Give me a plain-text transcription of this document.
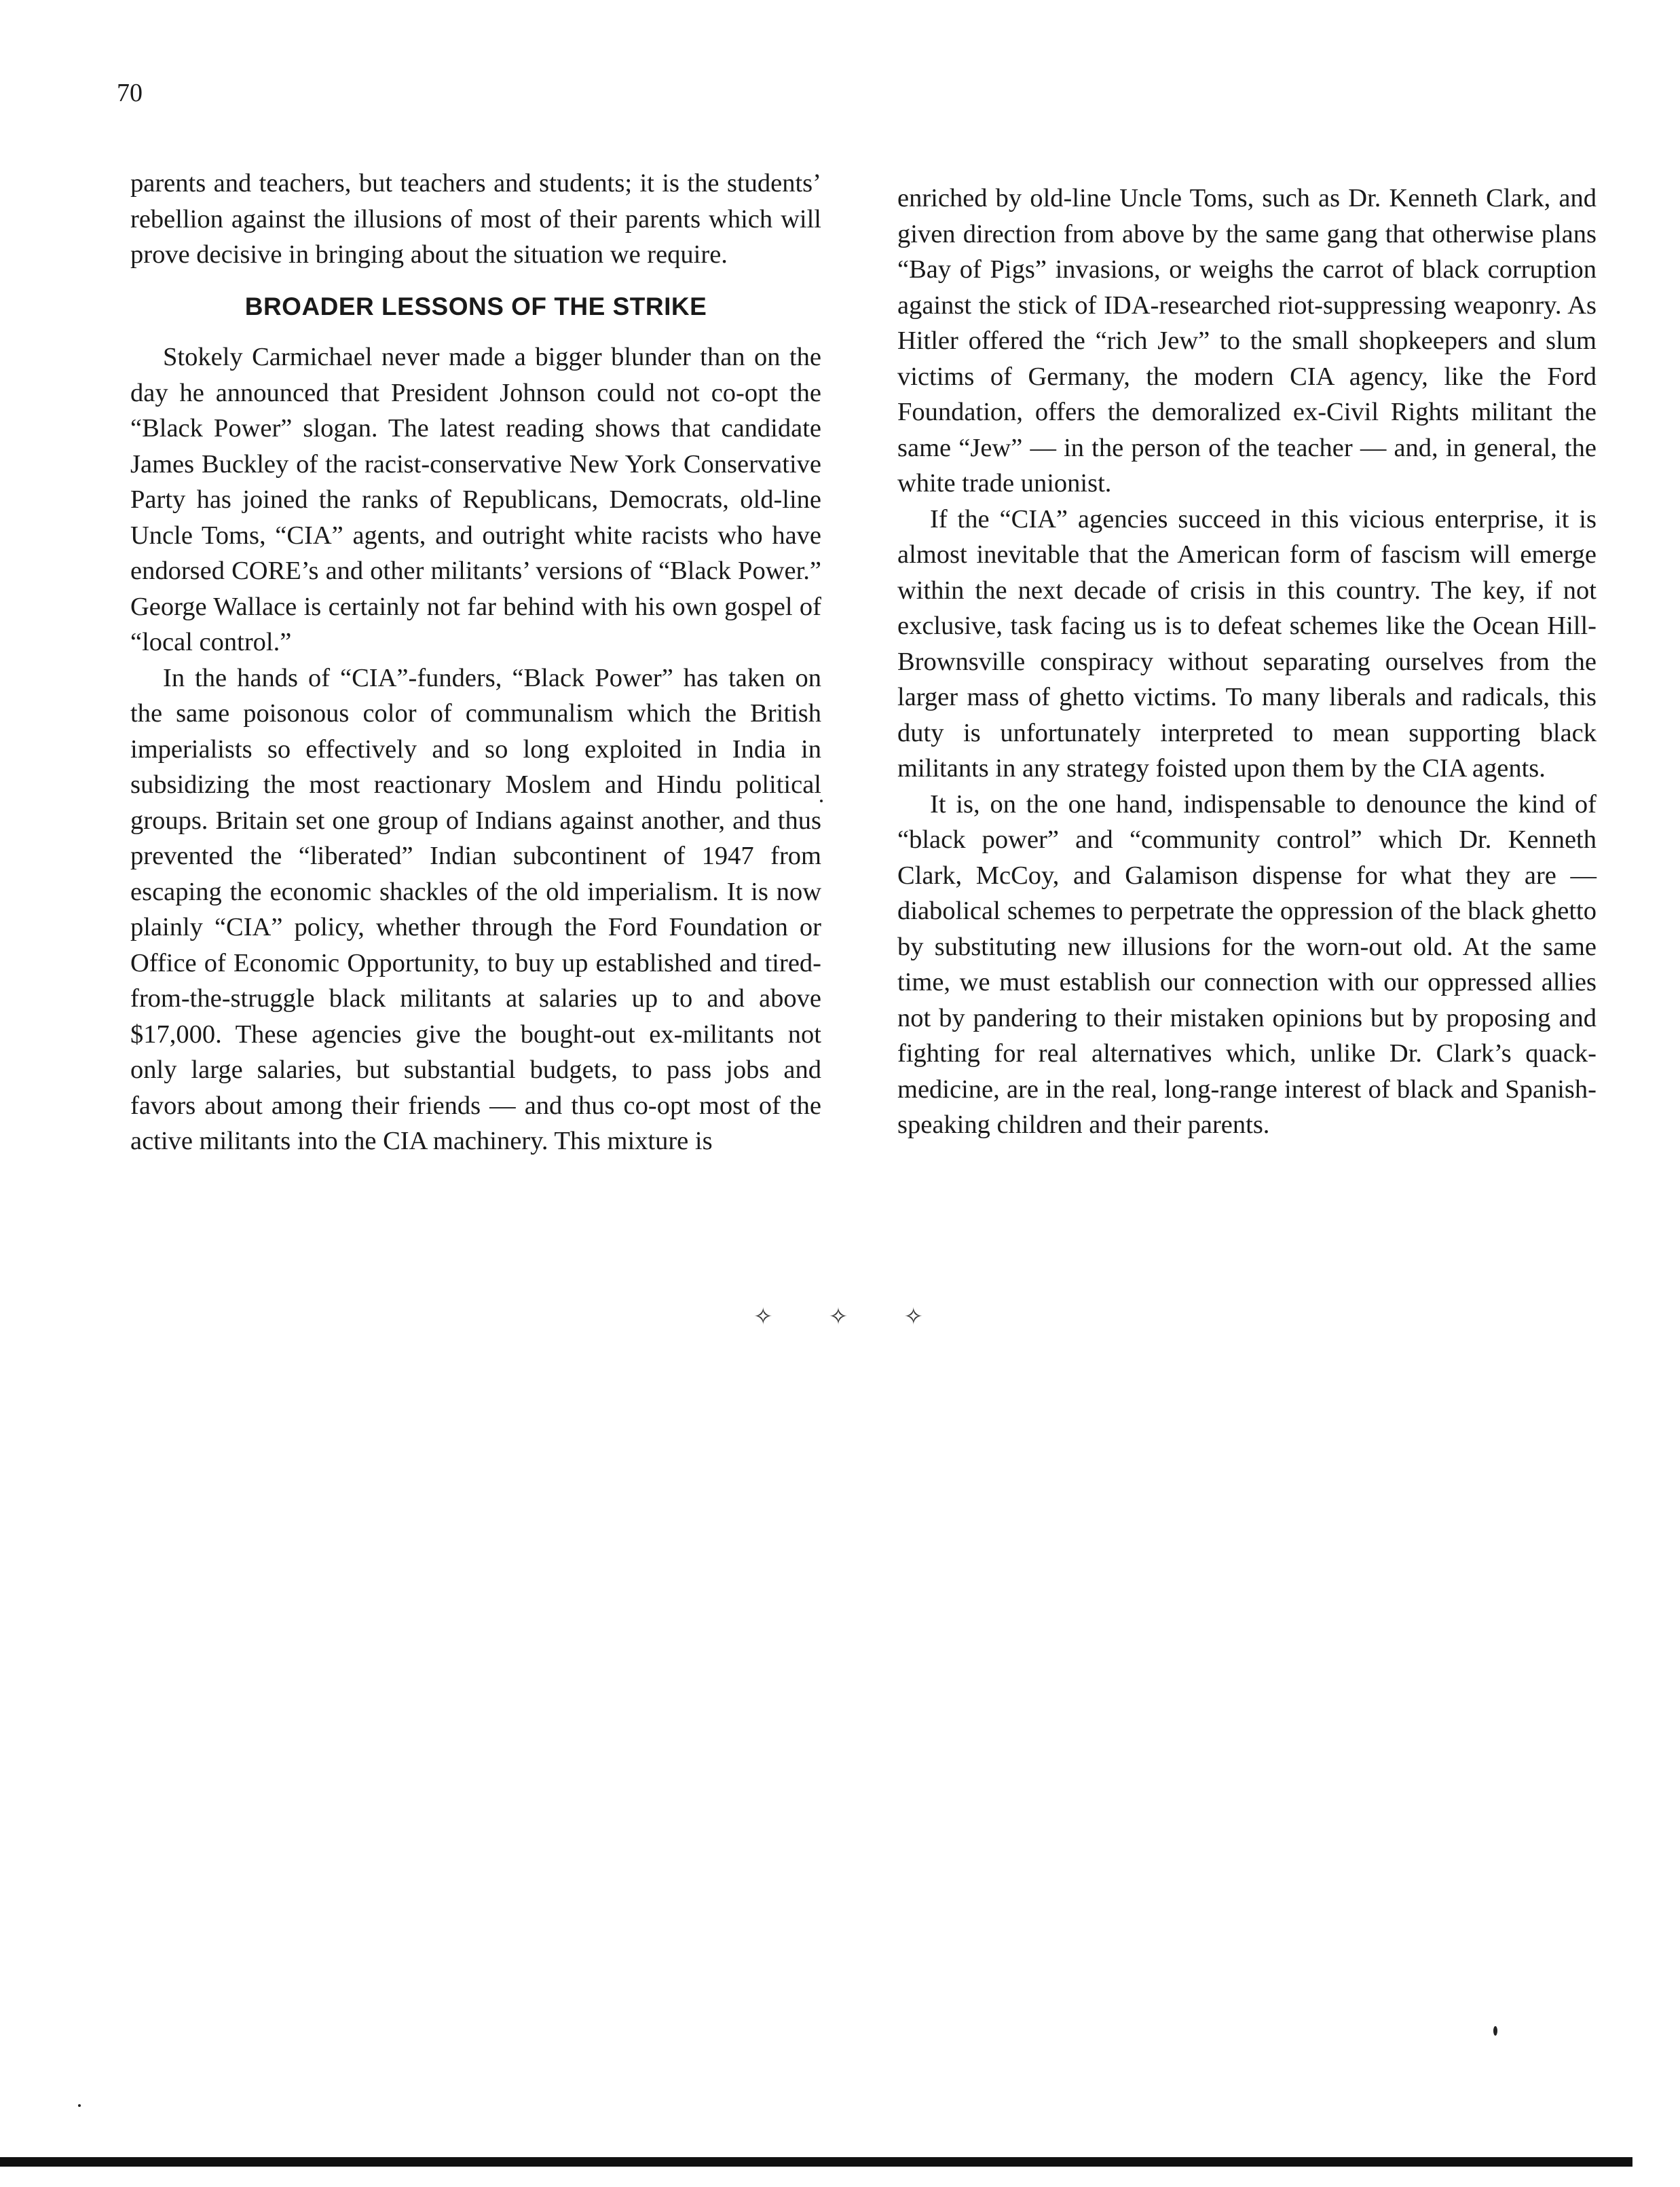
70

parents and teachers, but teachers and students; it is the students’ rebellion against the illusions of most of their parents which will prove decisive in bringing about the situation we require.

BROADER LESSONS OF THE STRIKE

Stokely Carmichael never made a bigger blunder than on the day he announced that President Johnson could not co-opt the “Black Power” slogan. The latest reading shows that candidate James Buckley of the racist-conservative New York Conservative Party has joined the ranks of Republicans, Democrats, old-line Uncle Toms, “CIA” agents, and outright white racists who have endorsed CORE’s and other militants’ versions of “Black Power.” George Wallace is certainly not far behind with his own gospel of “local control.”

In the hands of “CIA”-funders, “Black Power” has taken on the same poisonous color of communalism which the British imperialists so effectively and so long exploited in India in subsidizing the most reactionary Moslem and Hindu political groups. Britain set one group of Indians against another, and thus prevented the “liberated” Indian subcontinent of 1947 from escaping the economic shackles of the old imperialism. It is now plainly “CIA” policy, whether through the Ford Foundation or Office of Economic Opportunity, to buy up established and tired-from-the-struggle black militants at salaries up to and above $17,000. These agencies give the bought-out ex-militants not only large salaries, but substantial budgets, to pass jobs and favors about among their friends — and thus co-opt most of the active militants into the CIA machinery. This mixture is

enriched by old-line Uncle Toms, such as Dr. Kenneth Clark, and given direction from above by the same gang that otherwise plans “Bay of Pigs” invasions, or weighs the carrot of black corruption against the stick of IDA-researched riot-suppressing weaponry. As Hitler offered the “rich Jew” to the small shopkeepers and slum victims of Germany, the modern CIA agency, like the Ford Foundation, offers the demoralized ex-Civil Rights militant the same “Jew” — in the person of the teacher — and, in general, the white trade unionist.

If the “CIA” agencies succeed in this vicious enterprise, it is almost inevitable that the American form of fascism will emerge within the next decade of crisis in this country. The key, if not exclusive, task facing us is to defeat schemes like the Ocean Hill-Brownsville conspiracy without separating ourselves from the larger mass of ghetto victims. To many liberals and radicals, this duty is unfortunately interpreted to mean supporting black militants in any strategy foisted upon them by the CIA agents.

It is, on the one hand, indispensable to denounce the kind of “black power” and “community control” which Dr. Kenneth Clark, McCoy, and Galamison dispense for what they are — diabolical schemes to perpetrate the oppression of the black ghetto by substituting new illusions for the worn-out old. At the same time, we must establish our connection with our oppressed allies not by pandering to their mistaken opinions but by proposing and fighting for real alternatives which, unlike Dr. Clark’s quack-medicine, are in the real, long-range interest of black and Spanish-speaking children and their parents.

✧ ✧ ✧
